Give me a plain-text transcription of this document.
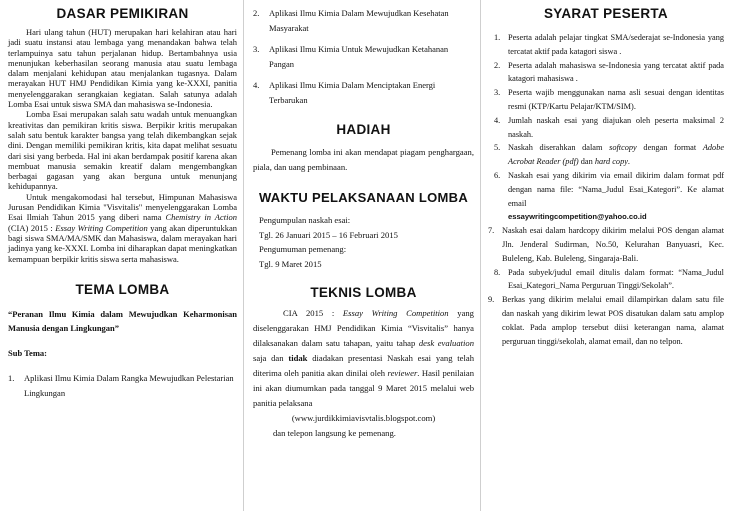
DASAR PEMIKIRAN

Hari ulang tahun (HUT) merupakan hari kelahiran atau hari jadi suatu instansi atau lembaga yang menandakan bahwa telah terlampuinya satu tahun perjalanan hidup. Bertambahnya usia menunjukan keberhasilan seorang manusia atau suatu lembaga dalam menjalani kehidupan atau menjalankan tugasnya. Dalam merayakan HUT HMJ Pendidikan Kimia yang ke-XXXI, panitia menyelenggarakan serangkaian kegiatan. Salah satunya adalah Lomba Esai untuk siswa SMA dan mahasiswa se-Indonesia.

Lomba Esai merupakan salah satu wadah untuk menuangkan kreativitas dan pemikiran kritis siswa. Berpikir kritis merupakan salah satu bentuk karakter bangsa yang telah dikembangkan sejak dini. Dengan memiliki pemikiran kritis, kita dapat melihat sesuatu dari sisi yang berbeda. Hal ini akan berdampak positif karena akan membuat manusia semakin kreatif dalam mengembangkan berbagai gagasan yang akan berguna untuk menunjang kehidupannya.

Untuk mengakomodasi hal tersebut, Himpunan Mahasiswa Jurusan Pendidikan Kimia "Visvitalis" menyelenggarakan Lomba Esai Ilmiah Tahun 2015 yang diberi nama Chemistry in Action (CIA) 2015 : Essay Writing Competition yang akan diperuntukkan bagi siswa SMA/MA/SMK dan Mahasiswa, dalam merayakan hari jadinya yang ke-XXXI. Lomba ini diharapkan dapat meningkatkan kemampuan berpikir kritis siswa serta mahasiswa.

TEMA LOMBA

“Peranan Ilmu Kimia dalam Mewujudkan Keharmonisan Manusia dengan Lingkungan”

Sub Tema:

1. Aplikasi Ilmu Kimia Dalam Rangka Mewujudkan Pelestarian Lingkungan
2. Aplikasi Ilmu Kimia Dalam Mewujudkan Kesehatan Masyarakat
3. Aplikasi Ilmu Kimia Untuk Mewujudkan Ketahanan Pangan
4. Aplikasi Ilmu Kimia Dalam Menciptakan Energi Terbarukan
HADIAH

Pemenang lomba ini akan mendapat piagam penghargaan, piala, dan uang pembinaan.

WAKTU PELAKSANAAN LOMBA
Pengumpulan naskah esai:
Tgl. 26 Januari 2015 – 16 Februari 2015
Pengumuman pemenang:
Tgl. 9 Maret 2015
TEKNIS LOMBA

CIA 2015 : Essay Writing Competition yang diselenggarakan HMJ Pendidikan Kimia “Visvitalis” hanya dilaksanakan dalam satu tahapan, yaitu tahap desk evaluation saja dan tidak diadakan presentasi Naskah esai yang telah diterima oleh panitia akan dinilai oleh reviewer. Hasil penilaian ini akan diumumkan pada tanggal 9 Maret 2015 melalui web panitia pelaksana

(www.jurdikkimiavisvtalis.blogspot.com)
dan telepon langsung ke pemenang.
SYARAT PESERTA
1. Peserta adalah pelajar tingkat SMA/sederajat se-Indonesia yang tercatat aktif pada katagori siswa .
2. Peserta adalah mahasiswa se-Indonesia yang tercatat aktif pada katagori mahasiswa .
3. Peserta wajib menggunakan nama asli sesuai dengan identitas resmi (KTP/Kartu Pelajar/KTM/SIM).
4. Jumlah naskah esai yang diajukan oleh peserta maksimal 2 naskah.
5. Naskah diserahkan dalam softcopy dengan format Adobe Acrobat Reader (pdf) dan hard copy.
6. Naskah esai yang dikirim via email dikirim dalam format pdf dengan nama file: “Nama_Judul Esai_Kategori”. Ke alamat email
essaywritingcompetition@yahoo.co.id
7. Naskah esai dalam hardcopy dikirim melalui POS dengan alamat Jln. Jenderal Sudirman, No.50, Kelurahan Banyuasri, Kec. Buleleng, Kab. Buleleng, Singaraja-Bali.
8. Pada subyek/judul email ditulis dalam format: “Nama_Judul Esai_Kategori_Nama Perguruan Tinggi/Sekolah”.
9. Berkas yang dikirim melalui email dilampirkan dalam satu file dan naskah yang dikirim lewat POS disatukan dalam satu amplop coklat. Pada amplop tersebut diisi keterangan nama, alamat perguruan tinggi/sekolah, alamat email, dan no telpon.
